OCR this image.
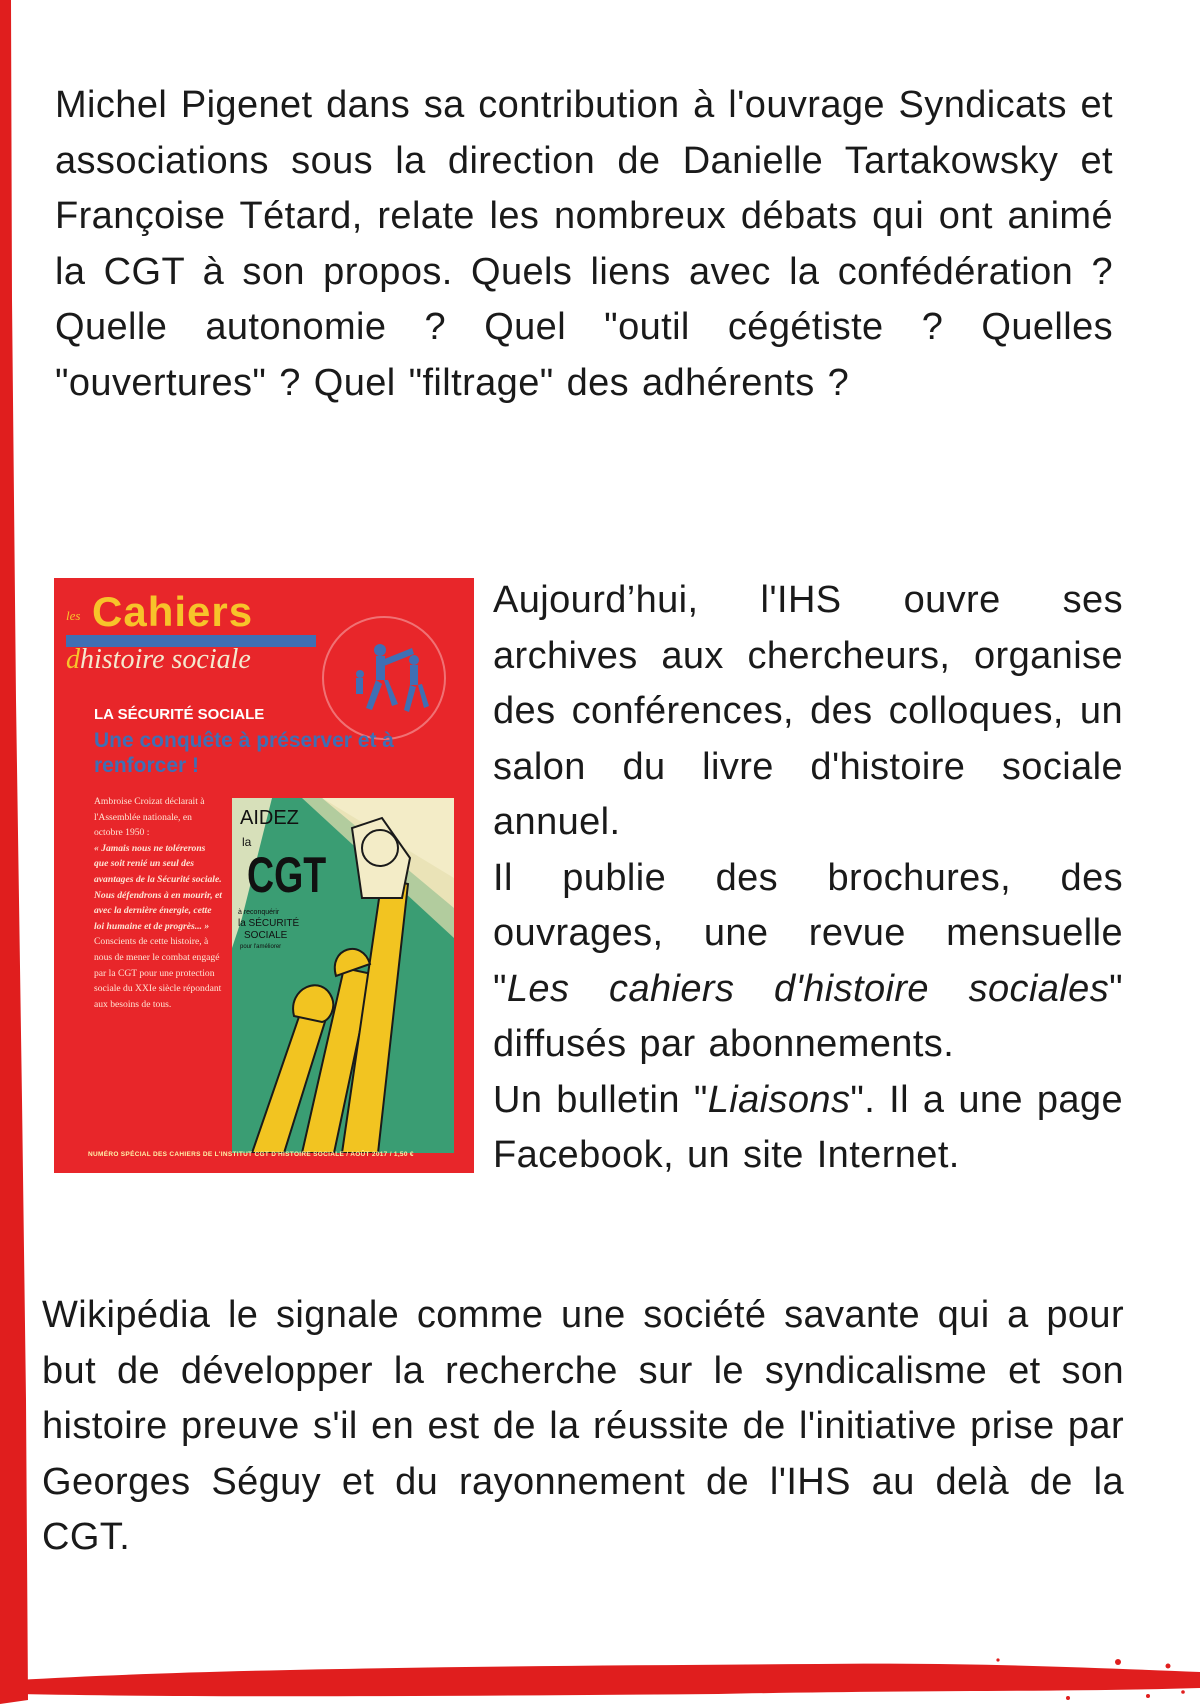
Michel Pigenet dans sa contribution à l'ouvrage Syndicats et associations sous la direction de Danielle Tartakowsky et Françoise Tétard, relate les nombreux débats qui ont animé la CGT à son propos. Quels liens avec la confédération ? Quelle autonomie ? Quel "outil cégétiste ? Quelles "ouvertures" ? Quel "filtrage" des adhérents ?

les Cahiers
dhistoire sociale
LA SÉCURITÉ SOCIALE
Une conquête à préserver et à renforcer !
Ambroise Croizat déclarait à l'Assemblée nationale, en octobre 1950 :
« Jamais nous ne tolérerons que soit renié un seul des avantages de la Sécurité sociale. Nous défendrons à en mourir, et avec la dernière énergie, cette loi humaine et de progrès... »
Conscients de cette histoire, à nous de mener le combat engagé par la CGT pour une protection sociale du XXIe siècle répondant aux besoins de tous.
AIDEZ
la
CGT
à reconquérir
la SÉCURITÉ
SOCIALE
pour l'améliorer
NUMÉRO SPÉCIAL DES CAHIERS DE L'INSTITUT CGT D'HISTOIRE SOCIALE / AOÛT 2017 / 1,50 €

Aujourd’hui, l'IHS ouvre ses archives aux chercheurs, organise des conférences, des colloques, un salon du livre d'histoire sociale annuel.

Il publie des brochures, des ouvrages, une revue mensuelle "Les cahiers d'histoire sociales" diffusés par abonnements.

Un bulletin "Liaisons". Il a une page Facebook, un site Internet.

Wikipédia le signale comme une société savante qui a pour but de développer la recherche sur le syndicalisme et son histoire preuve s'il en est de la réussite de l'initiative prise par Georges Séguy et du rayonnement de l'IHS au delà de la CGT.
